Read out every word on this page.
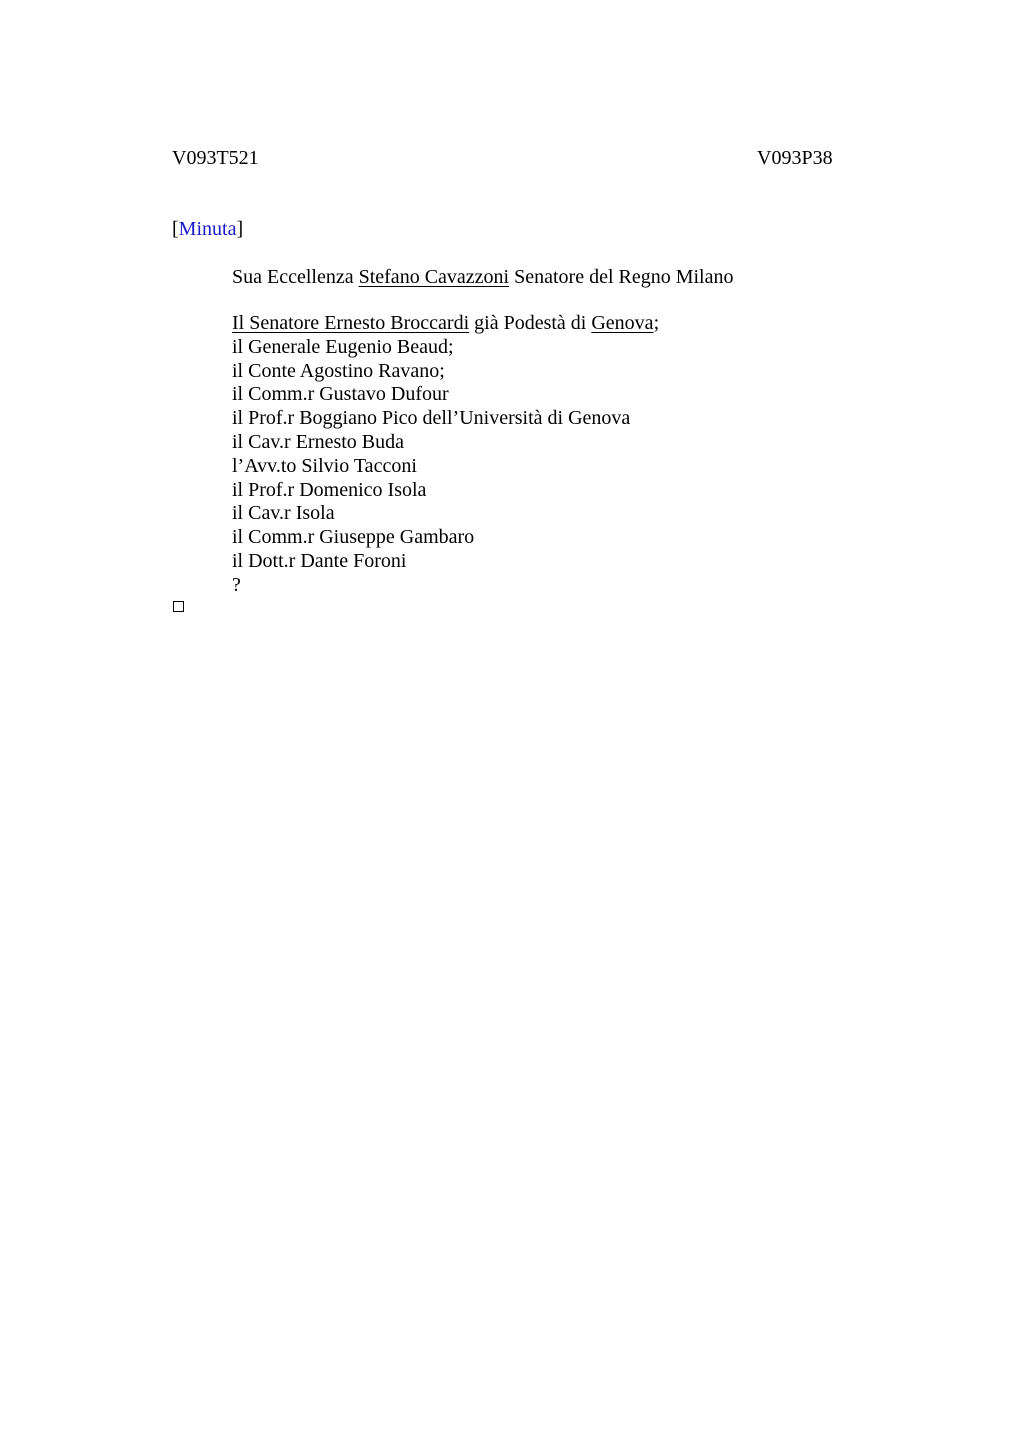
V093T521	V093P38
[Minuta]
Sua Eccellenza Stefano Cavazzoni Senatore del Regno Milano
Il Senatore Ernesto Broccardi già Podestà di Genova;
il Generale Eugenio Beaud;
il Conte Agostino Ravano;
il Comm.r Gustavo Dufour
il Prof.r Boggiano Pico dell’Università di Genova
il Cav.r Ernesto Buda
l’Avv.to Silvio Tacconi
il Prof.r Domenico Isola
il Cav.r Isola
il Comm.r Giuseppe Gambaro
il Dott.r Dante Foroni
?
